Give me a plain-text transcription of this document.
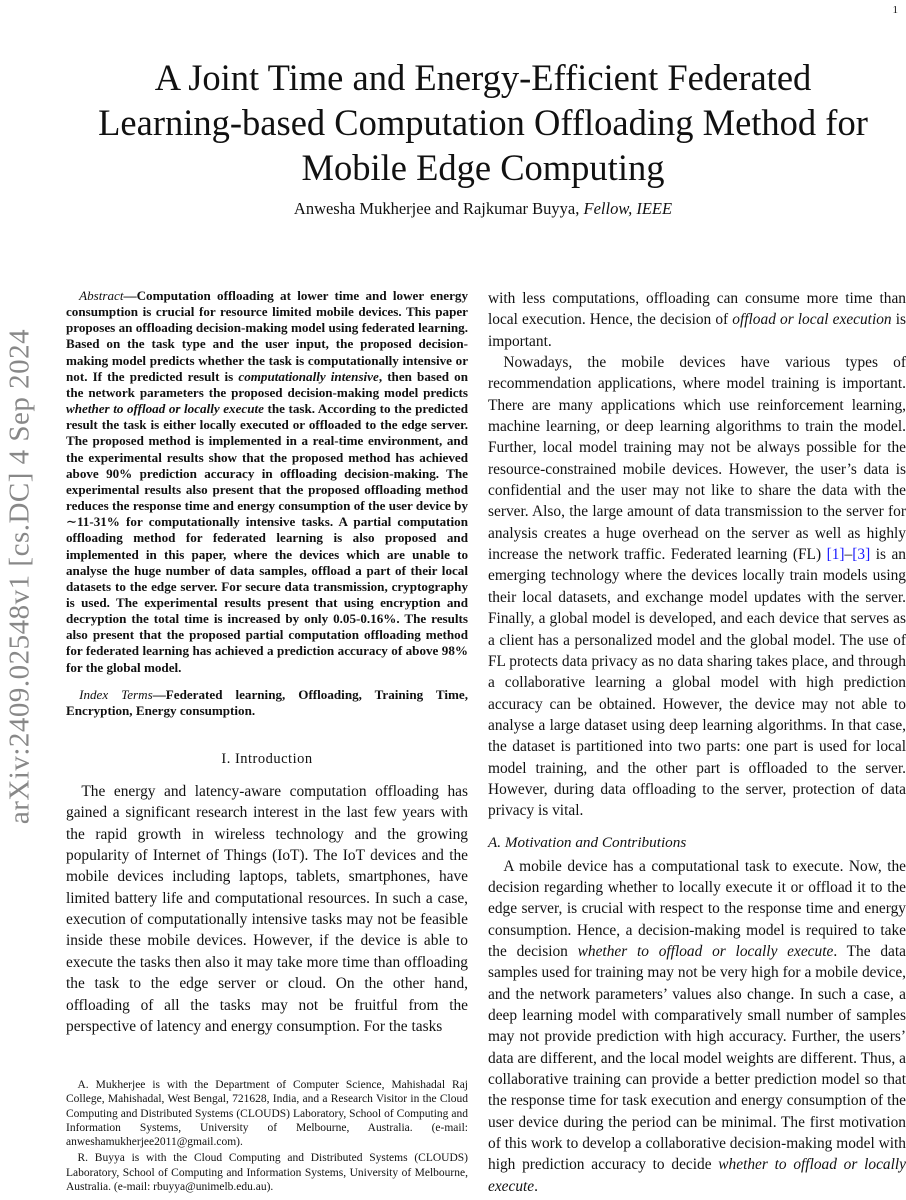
1
arXiv:2409.02548v1 [cs.DC] 4 Sep 2024
A Joint Time and Energy-Efficient Federated
Learning-based Computation Offloading Method for
Mobile Edge Computing
Anwesha Mukherjee and Rajkumar Buyya, Fellow, IEEE

Abstract—Computation offloading at lower time and lower energy consumption is crucial for resource limited mobile devices. This paper proposes an offloading decision-making model using federated learning. Based on the task type and the user input, the proposed decision-making model predicts whether the task is computationally intensive or not. If the predicted result is computationally intensive, then based on the network parameters the proposed decision-making model predicts whether to offload or locally execute the task. According to the predicted result the task is either locally executed or offloaded to the edge server. The proposed method is implemented in a real-time environment, and the experimental results show that the proposed method has achieved above 90% prediction accuracy in offloading decision-making. The experimental results also present that the proposed offloading method reduces the response time and energy consumption of the user device by ∼11-31% for computationally intensive tasks. A partial computation offloading method for federated learning is also proposed and implemented in this paper, where the devices which are unable to analyse the huge number of data samples, offload a part of their local datasets to the edge server. For secure data transmission, cryptography is used. The experimental results present that using encryption and decryption the total time is increased by only 0.05-0.16%. The results also present that the proposed partial computation offloading method for federated learning has achieved a prediction accuracy of above 98% for the global model.

Index Terms—Federated learning, Offloading, Training Time, Encryption, Energy consumption.

I. Introduction

The energy and latency-aware computation offloading has gained a significant research interest in the last few years with the rapid growth in wireless technology and the growing popularity of Internet of Things (IoT). The IoT devices and the mobile devices including laptops, tablets, smartphones, have limited battery life and computational resources. In such a case, execution of computationally intensive tasks may not be feasible inside these mobile devices. However, if the device is able to execute the tasks then also it may take more time than offloading the task to the edge server or cloud. On the other hand, offloading of all the tasks may not be fruitful from the perspective of latency and energy consumption. For the tasks

with less computations, offloading can consume more time than local execution. Hence, the decision of offload or local execution is important.

Nowadays, the mobile devices have various types of recommendation applications, where model training is important. There are many applications which use reinforcement learning, machine learning, or deep learning algorithms to train the model. Further, local model training may not be always possible for the resource-constrained mobile devices. However, the user’s data is confidential and the user may not like to share the data with the server. Also, the large amount of data transmission to the server for analysis creates a huge overhead on the server as well as highly increase the network traffic. Federated learning (FL) [1]–[3] is an emerging technology where the devices locally train models using their local datasets, and exchange model updates with the server. Finally, a global model is developed, and each device that serves as a client has a personalized model and the global model. The use of FL protects data privacy as no data sharing takes place, and through a collaborative learning a global model with high prediction accuracy can be obtained. However, the device may not able to analyse a large dataset using deep learning algorithms. In that case, the dataset is partitioned into two parts: one part is used for local model training, and the other part is offloaded to the server. However, during data offloading to the server, protection of data privacy is vital.

A. Motivation and Contributions

A mobile device has a computational task to execute. Now, the decision regarding whether to locally execute it or offload it to the edge server, is crucial with respect to the response time and energy consumption. Hence, a decision-making model is required to take the decision whether to offload or locally execute. The data samples used for training may not be very high for a mobile device, and the network parameters’ values also change. In such a case, a deep learning model with comparatively small number of samples may not provide prediction with high accuracy. Further, the users’ data are different, and the local model weights are different. Thus, a collaborative training can provide a better prediction model so that the response time for task execution and energy consumption of the user device during the period can be minimal. The first motivation of this work to develop a collaborative decision-making model with high prediction accuracy to decide whether to offload or locally execute.

A. Mukherjee is with the Department of Computer Science, Mahishadal Raj College, Mahishadal, West Bengal, 721628, India, and a Research Visitor in the Cloud Computing and Distributed Systems (CLOUDS) Laboratory, School of Computing and Information Systems, University of Melbourne, Australia. (e-mail: anweshamukherjee2011@gmail.com).

R. Buyya is with the Cloud Computing and Distributed Systems (CLOUDS) Laboratory, School of Computing and Information Systems, University of Melbourne, Australia. (e-mail: rbuyya@unimelb.edu.au).
